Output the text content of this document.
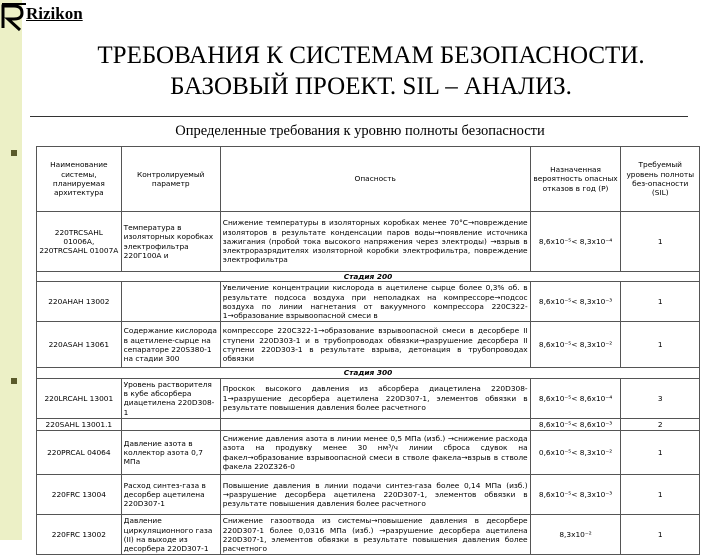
Rizikon
ТРЕБОВАНИЯ К СИСТЕМАМ БЕЗОПАСНОСТИ.
БАЗОВЫЙ ПРОЕКТ. SIL – АНАЛИЗ.
Определенные требования к уровню полноты безопасности
Наименование системы, планируемая архитектура	Контролируемый параметр	Опасность	Назначенная вероятность опасных отказов в год (P)	Требуемый уровень полноты без-опасности (SIL)
220TRCSAHL 01006А, 220TRCSAHL 01007А	Температура в изоляторных коробках электрофильтра 220Г100А и	Снижение температуры в изоляторных коробках менее 70°С→повреждение изоляторов в результате конденсации паров воды→появление источника зажигания (пробой тока высокого напряжения через электроды) →взрыв в электроразрядителях изоляторной коробки электрофильтра, повреждение электрофильтра	8,6х10⁻⁵< 8,3х10⁻⁴	1
Стадия 200				
220AHAH 13002		Увеличение концентрации кислорода в ацетилене сырце более 0,3% об. в результате подсоса воздуха при неполадках на компрессоре→подсос воздуха по линии нагнетания от вакуумного компрессора 220С322-1→образование взрывоопасной смеси в	8,6х10⁻⁵< 8,3х10⁻³	1
220ASAH 13061	Содержание кислорода в ацетилене-сырце на сепараторе 220S380-1 на стадии 300	компрессоре 220С322-1→образование взрывоопасной смеси в десорбере II ступени 220D303-1 и в трубопроводах обвязки→разрушение десорбера II ступени 220D303-1 в результате взрыва, детонация в трубопроводах обвязки	8,6х10⁻⁵< 8,3х10⁻²	1
Стадия 300				
220LRCAHL 13001	Уровень растворителя в кубе абсорбера диацетилена 220D308-1	Проскок высокого давления из абсорбера диацетилена 220D308-1→разрушение десорбера ацетилена 220D307-1, элементов обвязки в результате повышения давления более расчетного	8,6х10⁻⁵< 8,6х10⁻⁴	3
220SAHL 13001.1			8,6х10⁻⁵< 8,6х10⁻³	2
220PRCAL 04064	Давление азота в коллектор азота 0,7 МПа	Снижение давления азота в линии менее 0,5 МПа (изб.) →снижение расхода азота на продувку менее 30 нм³/ч линии сброса сдувок на факел→образование взрывоопасной смеси в стволе факела→взрыв в стволе факела 220Z326-0	0,6х10⁻⁵< 8,3х10⁻²	1
220FRC 13004	Расход синтез-газа в десорбер ацетилена 220D307-1	Повышение давления в линии подачи синтез-газа более 0,14 МПа (изб.) →разрушение десорбера ацетилена 220D307-1, элементов обвязки в результате повышения давления более расчетного	8,6х10⁻⁵< 8,3х10⁻³	1
220FRC 13002	Давление циркуляционного газа (II) на выходе из десорбера 220D307-1	Снижение газоотвода из системы→повышение давления в десорбере 220D307-1 более 0,0316 МПа (изб.) →разрушение десорбера ацетилена 220D307-1, элементов обвязки в результате повышения давления более расчетного	8,3х10⁻²	1
